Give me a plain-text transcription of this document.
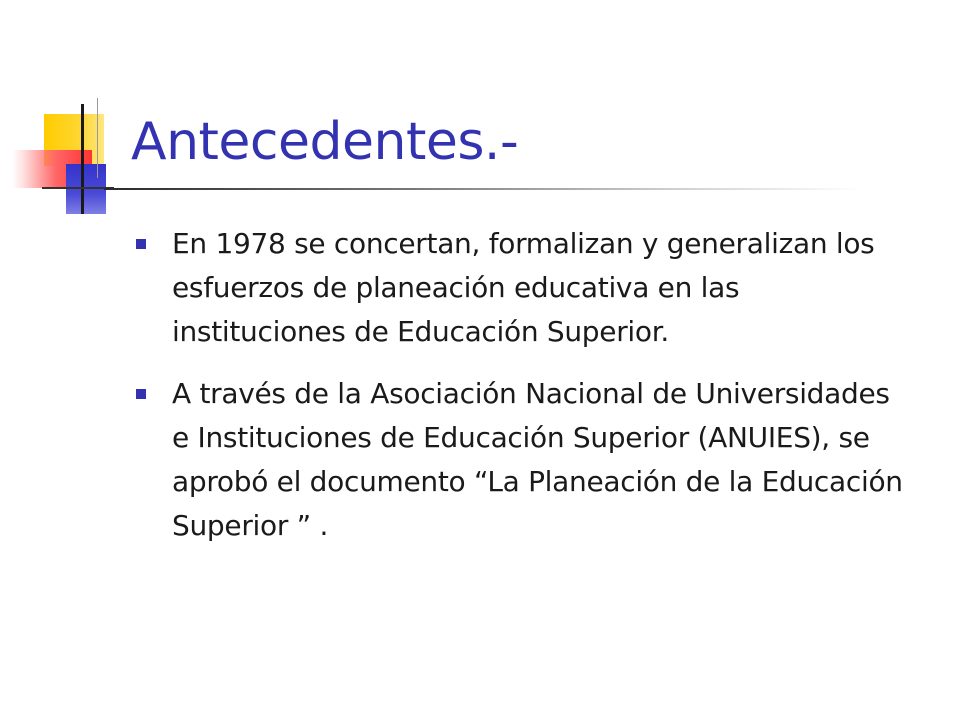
Antecedentes.-
En 1978 se concertan, formalizan y generalizan los esfuerzos de planeación educativa en las instituciones de Educación Superior.
A través de la Asociación Nacional de Universidades e Instituciones de Educación Superior (ANUIES), se aprobó el documento “La Planeación de la Educación Superior ” .
